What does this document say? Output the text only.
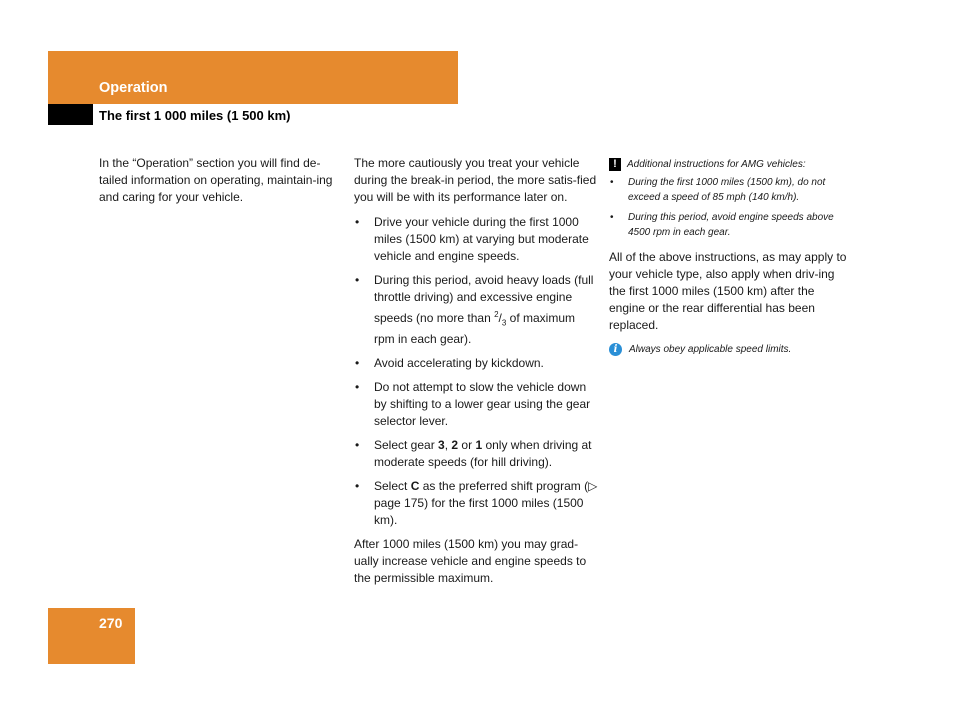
Operation
The first 1 000 miles (1 500 km)

In the “Operation” section you will find de-tailed information on operating, maintain-ing and caring for your vehicle.

The more cautiously you treat your vehicle during the break-in period, the more satis-fied you will be with its performance later on.

• Drive your vehicle during the first 1000 miles (1500 km) at varying but moderate vehicle and engine speeds.
• During this period, avoid heavy loads (full throttle driving) and excessive engine speeds (no more than $^2/_3$ of maximum rpm in each gear).
• Avoid accelerating by kickdown.
• Do not attempt to slow the vehicle down by shifting to a lower gear using the gear selector lever.
• Select gear 3, 2 or 1 only when driving at moderate speeds (for hill driving).
• Select C as the preferred shift program (▷ page 175) for the first 1000 miles (1500 km).

After 1000 miles (1500 km) you may grad-ually increase vehicle and engine speeds to the permissible maximum.

!	Additional instructions for AMG vehicles:
• During the first 1000 miles (1500 km), do not exceed a speed of 85 mph (140 km/h).
• During this period, avoid engine speeds above 4500 rpm in each gear.

All of the above instructions, as may apply to your vehicle type, also apply when driv-ing the first 1000 miles (1500 km) after the engine or the rear differential has been replaced.

i	Always obey applicable speed limits.
270
